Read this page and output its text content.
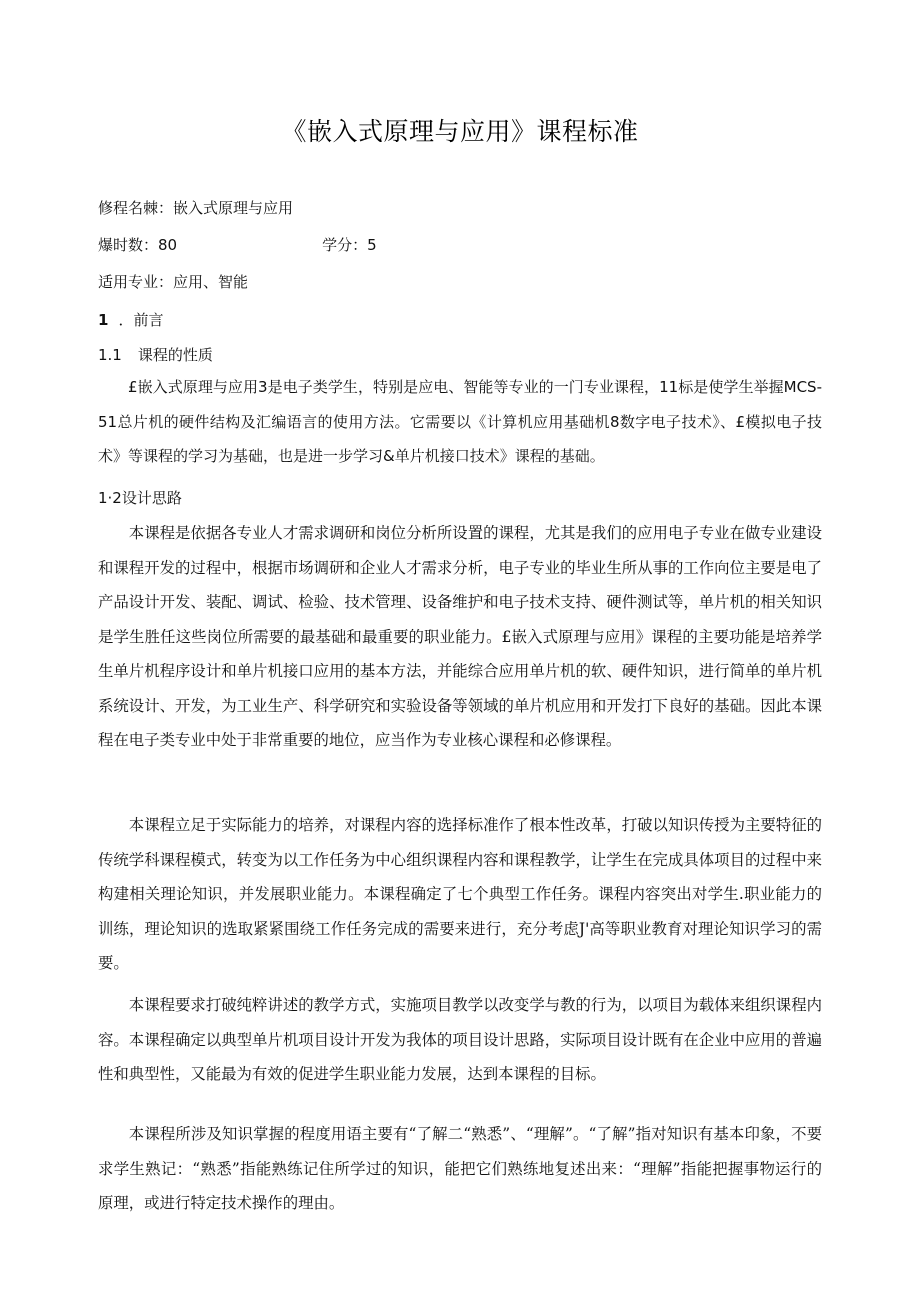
《嵌入式原理与应用》课程标准
修程名棘：嵌入式原理与应用
爆时数：80	学分：5
适用专业：应用、智能
1 ．前言
1.1 课程的性质

£嵌入式原理与应用3是电子类学生，特别是应电、智能等专业的一门专业课程，11标是使学生举握MCS-51总片机的硬件结构及汇编语言的使用方法。它需要以《计算机应用基础机8数字电子技术》、£模拟电子技术》等课程的学习为基础，也是进一步学习&单片机接口技术》课程的基础。

1·2设计思路

本课程是依据各专业人才需求调研和岗位分析所设置的课程，尤其是我们的应用电子专业在做专业建设和课程开发的过程中，根据市场调研和企业人才需求分析，电子专业的毕业生所从事的工作向位主要是电了产品设计开发、装配、调试、检验、技术管理、设备维护和电子技术支持、硬件测试等，单片机的相关知识是学生胜任这些岗位所需要的最基础和最重要的职业能力。£嵌入式原理与应用》课程的主要功能是培养学生单片机程序设计和单片机接口应用的基本方法，并能综合应用单片机的软、硬件知识，进行简单的单片机系统设计、开发，为工业生产、科学研究和实验设备等领域的单片机应用和开发打下良好的基础。因此本课程在电子类专业中处于非常重要的地位，应当作为专业核心课程和必修课程。

本课程立足于实际能力的培养，对课程内容的选择标准作了根本性改革，打破以知识传授为主要特征的传统学科课程模式，转变为以工作任务为中心组织课程内容和课程教学，让学生在完成具体项目的过程中来构建相关理论知识，并发展职业能力。本课程确定了七个典型工作任务。课程内容突出对学生.职业能力的训练，理论知识的选取紧紧围绕工作任务完成的需要来进行，充分考虑J'高等职业教育对理论知识学习的需要。

本课程要求打破纯粹讲述的教学方式，实施项目教学以改变学与教的行为，以项目为载体来组织课程内容。本课程确定以典型单片机项目设计开发为我体的项目设计思路，实际项目设计既有在企业中应用的普遍性和典型性，又能最为有效的促进学生职业能力发展，达到本课程的目标。

本课程所涉及知识掌握的程度用语主要有“了解二“熟悉”、“理解”。“了解”指对知识有基本印象，不要求学生熟记：“熟悉”指能熟练记住所学过的知识，能把它们熟练地复述出来：“理解”指能把握事物运行的原理，或进行特定技术操作的理由。
